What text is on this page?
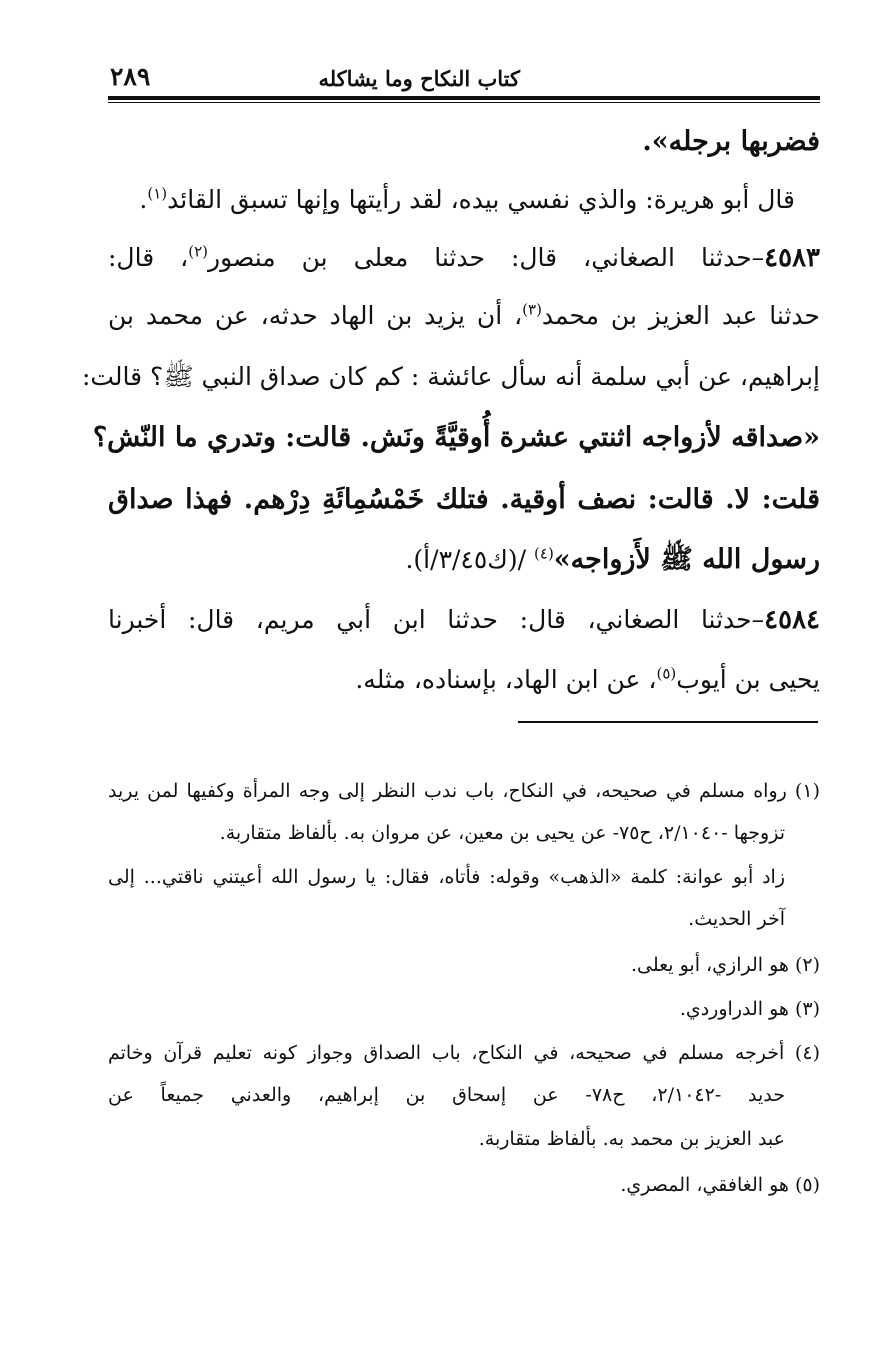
كتاب النكاح وما يشاكله
٢٨٩
فضربها برجله».
قال أبو هريرة: والذي نفسي بيده، لقد رأيتها وإنها تسبق القائد$^{(١)}$.
٤٥٨٣–حدثنا الصغاني، قال: حدثنا معلى بن منصور$^{(٢)}$، قال:
حدثنا عبد العزيز بن محمد$^{(٣)}$، أن يزيد بن الهاد حدثه، عن محمد بن
إبراهيم، عن أبي سلمة أنه سأل عائشة : كم كان صداق النبي ﷺ؟ قالت:
«صداقه لأزواجه اثنتي عشرة أُوقيَّةً ونَش. قالت: وتدري ما النّش؟
قلت: لا. قالت: نصف أوقية. فتلك خَمْسُمِائَةِ دِرْهم. فهذا صداق
رسول الله ﷺ لأَزواجه»$^{(٤)}$ /(ك٣/٤٥/أ).
٤٥٨٤–حدثنا الصغاني، قال: حدثنا ابن أبي مريم، قال: أخبرنا
يحيى بن أيوب$^{(٥)}$، عن ابن الهاد، بإسناده، مثله.
(١) رواه مسلم في صحيحه، في النكاح، باب ندب النظر إلى وجه المرأة وكفيها لمن يريد
تزوجها -٢/١٠٤٠، ح٧٥- عن يحيى بن معين، عن مروان به. بألفاظ متقاربة.
زاد أبو عوانة: كلمة «الذهب» وقوله: فأتاه، فقال: يا رسول الله أعيتني ناقتي... إلى
آخر الحديث.
(٢) هو الرازي، أبو يعلى.
(٣) هو الدراوردي.
(٤) أخرجه مسلم في صحيحه، في النكاح، باب الصداق وجواز كونه تعليم قرآن وخاتم
حديد -٢/١٠٤٢، ح٧٨- عن إسحاق بن إبراهيم، والعدني جميعاً عن
عبد العزيز بن محمد به. بألفاظ متقاربة.
(٥) هو الغافقي، المصري.
